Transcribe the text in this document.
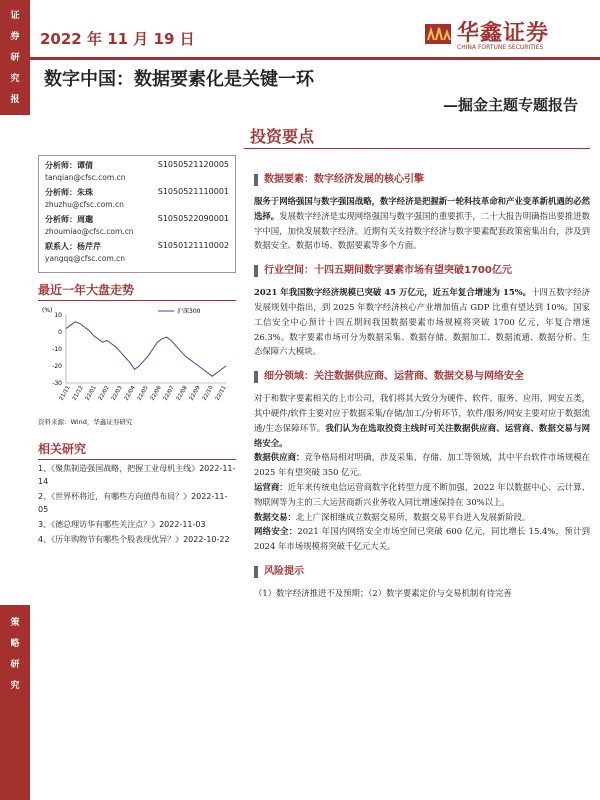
证
券
研
究
报
告
策
略
研
究
2022 年 11 月 19 日	华鑫证券
CHINA FORTUNE SECURITIES
数字中国：数据要素化是关键一环
—掘金主题专题报告
投资要点
分析师：谭倩	S1050521120005
tanqian@cfsc.com.cn
分析师：朱珠	S1050521110001
zhuzhu@cfsc.com.cn
分析师：周邈	S1050522090001
zhoumiao@cfsc.com.cn
联系人：杨芹芹	S1050121110002
yangqq@cfsc.com.cn
最近一年大盘走势
(%)
10
0
-10
-20
-30
沪深300
21/11 21/12 22/01 22/02 22/03 22/04 22/05 22/06 22/07 22/08 22/09 22/10 22/11
资料来源：Wind，华鑫证券研究
相关研究
1、《聚焦制造强国战略，把握工业母机主线》2022-11-14
2、《世界杯将近，有哪些方向值得布局？》2022-11-05
3、《德总理访华有哪些关注点？》2022-11-03
4、《历年购物节有哪些个股表现优异？》2022-10-22
数据要素：数字经济发展的核心引擎
服务于网络强国与数字强国战略，数字经济是把握新一轮科技革命和产业变革新机遇的必然选择。发展数字经济是实现网络强国与数字强国的重要抓手，二十大报告明确指出要推进数字中国，加快发展数字经济。近期有关支持数字经济与数字要素配套政策密集出台，涉及到数据安全、数据市场、数据要素等多个方面。
行业空间：十四五期间数字要素市场有望突破1700亿元
2021 年我国数字经济规模已突破 45 万亿元，近五年复合增速为 15%。十四五数字经济发展规划中指出，到 2025 年数字经济核心产业增加值占 GDP 比重有望达到 10%。国家工信安全中心预计十四五期间我国数据要素市场规模将突破 1700 亿元，年复合增速 26.3%。数字要素市场可分为数据采集、数据存储、数据加工、数据流通、数据分析、生态保障六大模块。
细分领域：关注数据供应商、运营商、数据交易与网络安全
对于和数字要素相关的上市公司，我们将其大致分为硬件、软件、服务、应用、网安五类，其中硬件/软件主要对应于数据采集/存储/加工/分析环节，软件/服务/网安主要对应于数据流通/生态保障环节。我们认为在选取投资主线时可关注数据供应商、运营商、数据交易与网络安全。
数据供应商：竞争格局相对明确，涉及采集、存储、加工等领域，其中平台软件市场规模在 2025 年有望突破 350 亿元。
运营商：近年来传统电信运营商数字化转型力度不断加强，2022 年以数据中心、云计算、物联网等为主的三大运营商新兴业务收入同比增速保持在 30%以上。
数据交易：北上广深相继成立数据交易所，数据交易平台进入发展新阶段。
网络安全：2021 年国内网络安全市场空间已突破 600 亿元，同比增长 15.4%，预计到 2024 年市场规模将突破千亿元大关。
风险提示
（1）数字经济推进不及预期；（2）数字要素定价与交易机制有待完善
